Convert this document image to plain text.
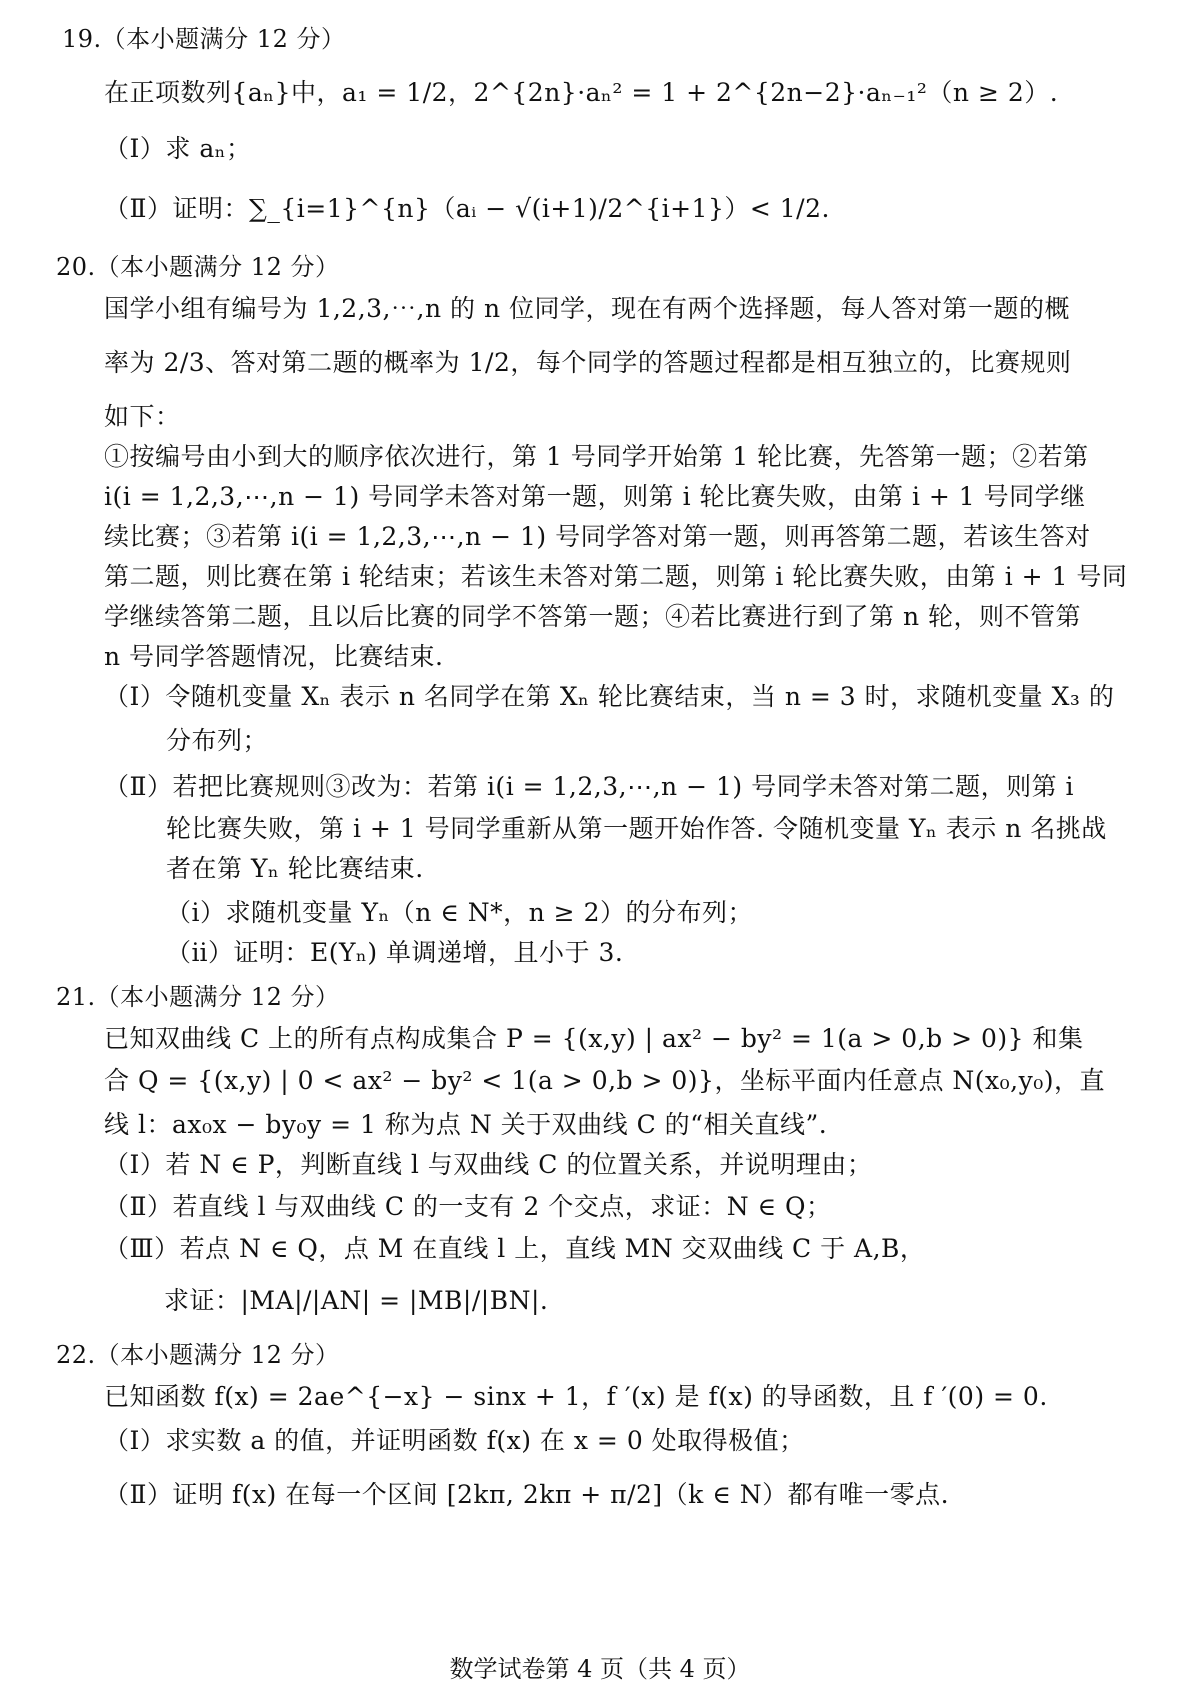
19.（本小题满分 12 分）
在正项数列{aₙ}中，a₁ = 1/2，2^{2n}·aₙ² = 1 + 2^{2n−2}·aₙ₋₁²（n ≥ 2）.
（Ⅰ）求 aₙ；
（Ⅱ）证明：∑_{i=1}^{n}（aᵢ − √(i+1)/2^{i+1}）< 1/2.
20.（本小题满分 12 分）
国学小组有编号为 1,2,3,⋯,n 的 n 位同学，现在有两个选择题，每人答对第一题的概
率为 2/3、答对第二题的概率为 1/2，每个同学的答题过程都是相互独立的，比赛规则
如下：
①按编号由小到大的顺序依次进行，第 1 号同学开始第 1 轮比赛，先答第一题；②若第
i(i = 1,2,3,⋯,n − 1) 号同学未答对第一题，则第 i 轮比赛失败，由第 i + 1 号同学继
续比赛；③若第 i(i = 1,2,3,⋯,n − 1) 号同学答对第一题，则再答第二题，若该生答对
第二题，则比赛在第 i 轮结束；若该生未答对第二题，则第 i 轮比赛失败，由第 i + 1 号同
学继续答第二题，且以后比赛的同学不答第一题；④若比赛进行到了第 n 轮，则不管第
n 号同学答题情况，比赛结束.
（Ⅰ）令随机变量 Xₙ 表示 n 名同学在第 Xₙ 轮比赛结束，当 n = 3 时，求随机变量 X₃ 的
分布列；
（Ⅱ）若把比赛规则③改为：若第 i(i = 1,2,3,⋯,n − 1) 号同学未答对第二题，则第 i
轮比赛失败，第 i + 1 号同学重新从第一题开始作答. 令随机变量 Yₙ 表示 n 名挑战
者在第 Yₙ 轮比赛结束.
（ⅰ）求随机变量 Yₙ（n ∈ N*，n ≥ 2）的分布列；
（ⅱ）证明：E(Yₙ) 单调递增，且小于 3.
21.（本小题满分 12 分）
已知双曲线 C 上的所有点构成集合 P = {(x,y) | ax² − by² = 1(a > 0,b > 0)} 和集
合 Q = {(x,y) | 0 < ax² − by² < 1(a > 0,b > 0)}，坐标平面内任意点 N(x₀,y₀)，直
线 l：ax₀x − by₀y = 1 称为点 N 关于双曲线 C 的“相关直线”.
（Ⅰ）若 N ∈ P，判断直线 l 与双曲线 C 的位置关系，并说明理由；
（Ⅱ）若直线 l 与双曲线 C 的一支有 2 个交点，求证：N ∈ Q；
（Ⅲ）若点 N ∈ Q，点 M 在直线 l 上，直线 MN 交双曲线 C 于 A,B，
求证：|MA|/|AN| = |MB|/|BN|.
22.（本小题满分 12 分）
已知函数 f(x) = 2ae^{−x} − sinx + 1，f ′(x) 是 f(x) 的导函数，且 f ′(0) = 0.
（Ⅰ）求实数 a 的值，并证明函数 f(x) 在 x = 0 处取得极值；
（Ⅱ）证明 f(x) 在每一个区间 [2kπ, 2kπ + π/2]（k ∈ N）都有唯一零点.
数学试卷第 4 页（共 4 页）
